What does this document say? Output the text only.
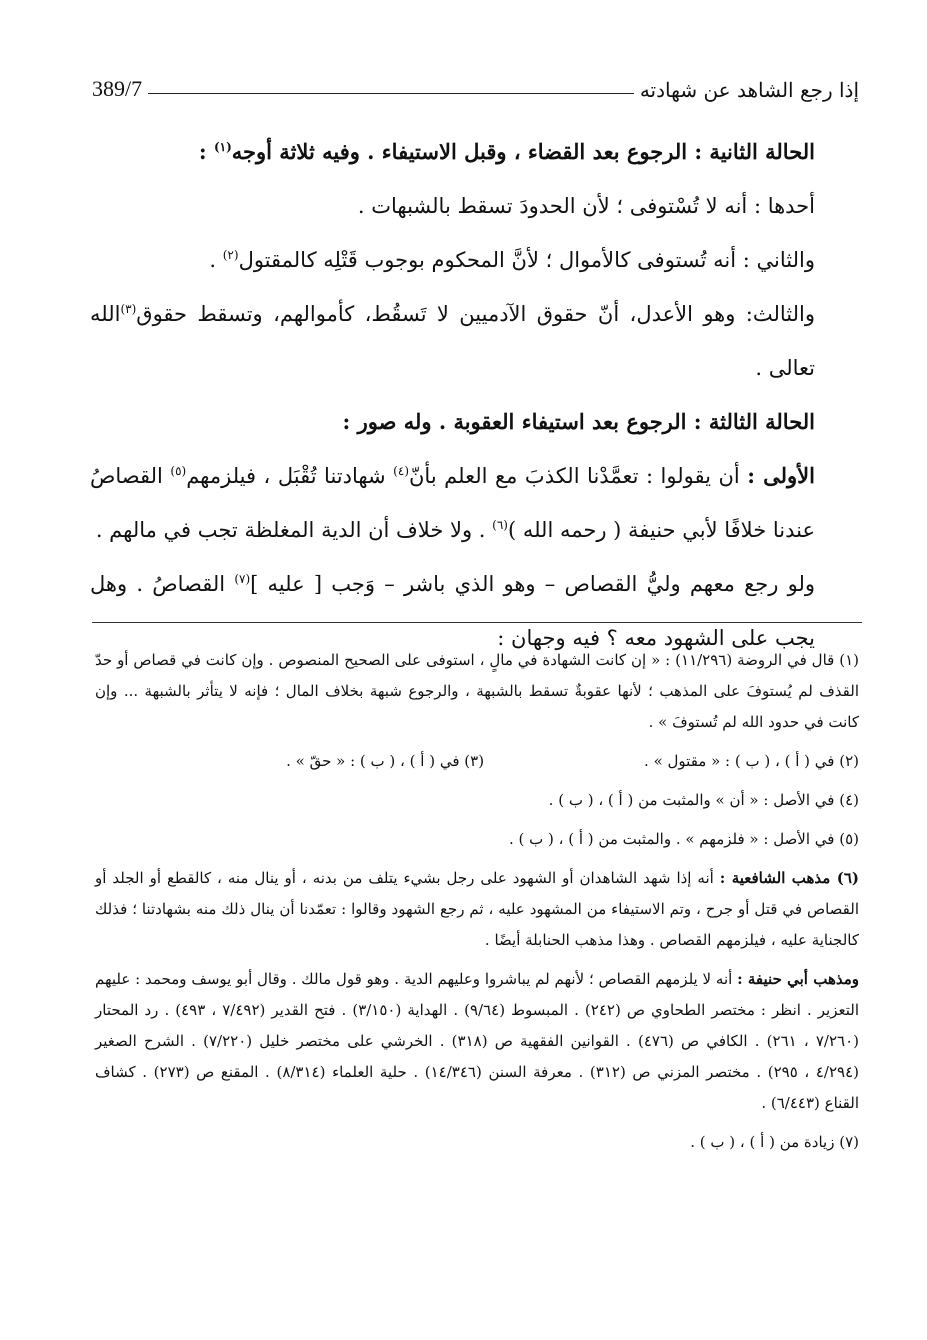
إذا رجع الشاهد عن شهادته
389/7

الحالة الثانية : الرجوع بعد القضاء ، وقبل الاستيفاء . وفيه ثلاثة أوجه$^{(١)}$ :

أحدها : أنه لا تُسْتوفى ؛ لأن الحدودَ تسقط بالشبهات .

والثاني : أنه تُستوفى كالأموال ؛ لأنَّ المحكوم بوجوب قَتْلِه كالمقتول$^{(٢)}$ .

والثالث: وهو الأعدل، أنّ حقوق الآدميين لا تَسقُط، كأموالهم، وتسقط حقوق$^{(٣)}$الله تعالى .

الحالة الثالثة : الرجوع بعد استيفاء العقوبة . وله صور :

الأولى : أن يقولوا : تعمَّدْنا الكذبَ مع العلم بأنّ$^{(٤)}$ شهادتنا تُقْبَل ، فيلزمهم$^{(٥)}$ القصاصُ عندنا خلافًا لأبي حنيفة ( رحمه الله )$^{(٦)}$ . ولا خلاف أن الدية المغلظة تجب في مالهم .

ولو رجع معهم وليُّ القصاص – وهو الذي باشر – وَجب [ عليه ]$^{(٧)}$ القصاصُ . وهل يجب على الشهود معه ؟ فيه وجهان :

(١) قال في الروضة (١١/٢٩٦) : « إن كانت الشهادة في مالٍ ، استوفى على الصحيح المنصوص . وإن كانت في قصاص أو حدّ القذف لم يُستوفَ على المذهب ؛ لأنها عقوبةٌ تسقط بالشبهة ، والرجوع شبهة بخلاف المال ؛ فإنه لا يتأثر بالشبهة ... وإن كانت في حدود الله لم تُستوفَ » .

(٢) في ( أ ) ، ( ب ) : « مقتول » .
(٣) في ( أ ) ، ( ب ) : « حقّ » .

(٤) في الأصل : « أن » والمثبت من ( أ ) ، ( ب ) .

(٥) في الأصل : « فلزمهم » . والمثبت من ( أ ) ، ( ب ) .

(٦) مذهب الشافعية : أنه إذا شهد الشاهدان أو الشهود على رجل بشيء يتلف من بدنه ، أو ينال منه ، كالقطع أو الجلد أو القصاص في قتل أو جرح ، وتم الاستيفاء من المشهود عليه ، ثم رجع الشهود وقالوا : تعمّدنا أن ينال ذلك منه بشهادتنا ؛ فذلك كالجناية عليه ، فيلزمهم القصاص . وهذا مذهب الحنابلة أيضًا .

ومذهب أبي حنيفة : أنه لا يلزمهم القصاص ؛ لأنهم لم يباشروا وعليهم الدية . وهو قول مالك . وقال أبو يوسف ومحمد : عليهم التعزير . انظر : مختصر الطحاوي ص (٢٤٢) . المبسوط (٩/٦٤) . الهداية (٣/١٥٠) . فتح القدير (٧/٤٩٢ ، ٤٩٣) . رد المحتار (٧/٢٦٠ ، ٢٦١) . الكافي ص (٤٧٦) . القوانين الفقهية ص (٣١٨) . الخرشي على مختصر خليل (٧/٢٢٠) . الشرح الصغير (٤/٢٩٤ ، ٢٩٥) . مختصر المزني ص (٣١٢) . معرفة السنن (١٤/٣٤٦) . حلية العلماء (٨/٣١٤) . المقنع ص (٢٧٣) . كشاف القناع (٦/٤٤٣) .

(٧) زيادة من ( أ ) ، ( ب ) .
